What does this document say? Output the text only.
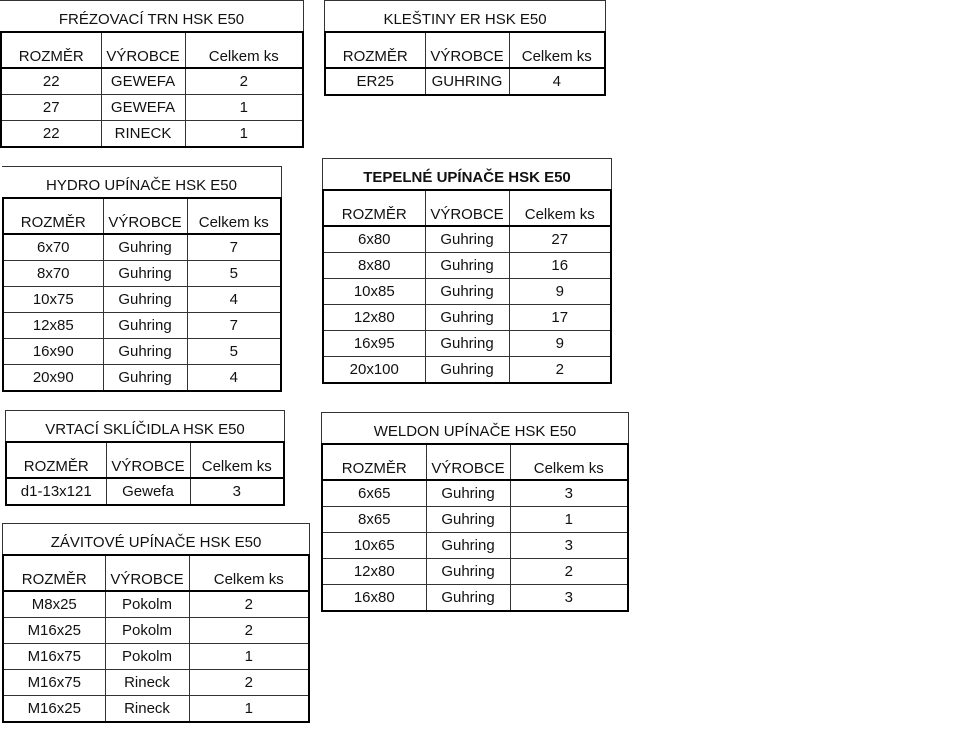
FRÉZOVACÍ TRN HSK E50
ROZMĚR	VÝROBCE	Celkem ks
22	GEWEFA	2
27	GEWEFA	1
22	RINECK	1
KLEŠTINY ER HSK E50
ROZMĚR	VÝROBCE	Celkem ks
ER25	GUHRING	4
HYDRO UPÍNAČE HSK E50
ROZMĚR	VÝROBCE	Celkem ks
6x70	Guhring	7
8x70	Guhring	5
10x75	Guhring	4
12x85	Guhring	7
16x90	Guhring	5
20x90	Guhring	4
TEPELNÉ UPÍNAČE HSK E50
ROZMĚR	VÝROBCE	Celkem ks
6x80	Guhring	27
8x80	Guhring	16
10x85	Guhring	9
12x80	Guhring	17
16x95	Guhring	9
20x100	Guhring	2
VRTACÍ SKLÍČIDLA HSK E50
ROZMĚR	VÝROBCE	Celkem ks
d1-13x121	Gewefa	3
WELDON UPÍNAČE HSK E50
ROZMĚR	VÝROBCE	Celkem ks
6x65	Guhring	3
8x65	Guhring	1
10x65	Guhring	3
12x80	Guhring	2
16x80	Guhring	3
ZÁVITOVÉ UPÍNAČE HSK E50
ROZMĚR	VÝROBCE	Celkem ks
M8x25	Pokolm	2
M16x25	Pokolm	2
M16x75	Pokolm	1
M16x75	Rineck	2
M16x25	Rineck	1
